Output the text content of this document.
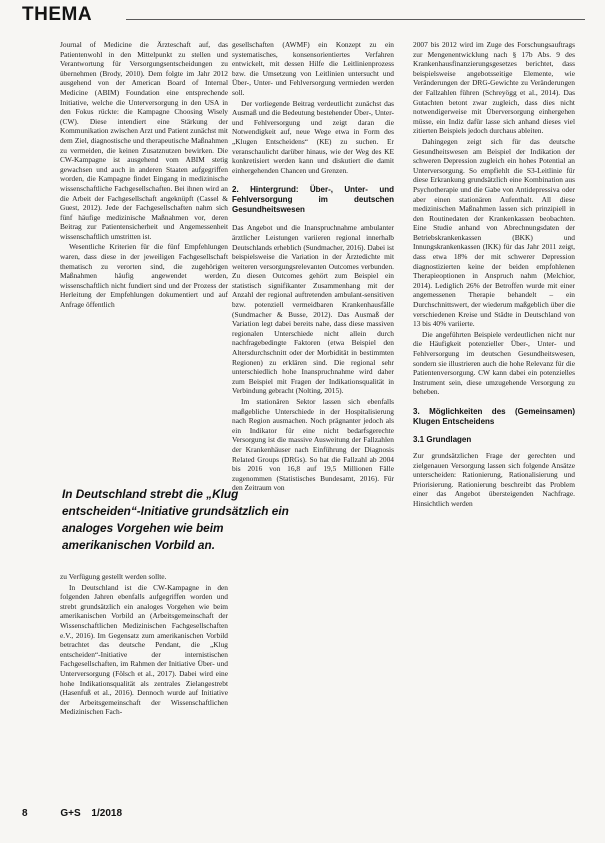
THEMA

Journal of Medicine die Ärzteschaft auf, das Patientenwohl in den Mittelpunkt zu stellen und Verantwortung für Versorgungsentscheidungen zu übernehmen (Brody, 2010). Dem folgte im Jahr 2012 ausgehend von der American Board of Internal Medicine (ABIM) Foundation eine entsprechende Initiative, welche die Unterversorgung in den USA in den Fokus rückte: die Kampagne Choosing Wisely (CW). Diese intendiert eine Stärkung der Kommunikation zwischen Arzt und Patient zunächst mit dem Ziel, diagnostische und therapeutische Maßnahmen zu vermeiden, die keinen Zusatznutzen bewirken. Die CW-Kampagne ist ausgehend vom ABIM stetig gewachsen und auch in anderen Staaten aufgegriffen worden, die Kampagne findet Eingang in medizinische wissenschaftliche Fachgesellschaften. Bei ihnen wird an die Arbeit der Fachgesellschaft angeknüpft (Cassel & Guest, 2012). Jede der Fachgesellschaften nahm sich fünf häufige medizinische Maßnahmen vor, deren Beitrag zur Patientensicherheit und Angemessenheit wissenschaftlich umstritten ist.

Wesentliche Kriterien für die fünf Empfehlungen waren, dass diese in der jeweiligen Fachgesellschaft thematisch zu verorten sind, die zugehörigen Maßnahmen häufig angewendet werden, wissenschaftlich nicht fundiert sind und der Prozess der Herleitung der Empfehlungen dokumentiert und auf Anfrage öffentlich

In Deutschland strebt die „Klug entscheiden“-Initiative grundsätzlich ein analoges Vorgehen wie beim amerikanischen Vorbild an.

zu Verfügung gestellt werden sollte.

In Deutschland ist die CW-Kampagne in den folgenden Jahren ebenfalls aufgegriffen worden und strebt grundsätzlich ein analoges Vorgehen wie beim amerikanischen Vorbild an (Arbeitsgemeinschaft der Wissenschaftlichen Medizinischen Fachgesellschaften e.V., 2016). Im Gegensatz zum amerikanischen Vorbild betrachtet das deutsche Pendant, die „Klug entscheiden“-Initiative der internistischen Fachgesellschaften, im Rahmen der Initiative Über- und Unterversorgung (Fölsch et al., 2017). Dabei wird eine hohe Indikationsqualität als zentrales Zielangestrebt (Hasenfuß et al., 2016). Dennoch wurde auf Initiative der Arbeitsgemeinschaft der Wissenschaftlichen Medizinischen Fach-

gesellschaften (AWMF) ein Konzept zu ein systematisches, konsensorientiertes Verfahren entwickelt, mit dessen Hilfe die Leitlinienprozess bzw. die Umsetzung von Leitlinien untersucht und Über-, Unter- und Fehlversorgung vermieden werden soll.

Der vorliegende Beitrag verdeutlicht zunächst das Ausmaß und die Bedeutung bestehender Über-, Unter- und Fehlversorgung und zeigt daran die Notwendigkeit auf, neue Wege etwa in Form des „Klugen Entscheidens“ (KE) zu suchen. Er veranschaulicht darüber hinaus, wie der Weg des KE konkretisiert werden kann und diskutiert die damit einhergehenden Chancen und Grenzen.

2. Hintergrund: Über-, Unter- und Fehlversorgung im deutschen Gesundheitswesen

Das Angebot und die Inanspruchnahme ambulanter ärztlicher Leistungen variieren regional innerhalb Deutschlands erheblich (Sundmacher, 2016). Dabei ist beispielsweise die Variation in der Ärztedichte mit weiteren versorgungsrelevanten Outcomes verbunden. Zu diesen Outcomes gehört zum Beispiel ein statistisch signifikanter Zusammenhang mit der Anzahl der regional auftretenden ambulant-sensitiven bzw. potenziell vermeidbaren Krankenhausfälle (Sundmacher & Busse, 2012). Das Ausmaß der Variation legt dabei bereits nahe, dass diese massiven regionalen Unterschiede nicht allein durch nachfragebedingte Faktoren (etwa Beispiel den Altersdurchschnitt oder der Morbidität in bestimmten Regionen) zu erklären sind. Die regional sehr unterschiedlich hohe Inanspruchnahme wird daher zum Beispiel mit Fragen der Indikationsqualität in Verbindung gebracht (Nolting, 2015).

Im stationären Sektor lassen sich ebenfalls maßgebliche Unterschiede in der Hospitalisierung nach Region ausmachen. Noch prägnanter jedoch als ein Indikator für eine nicht bedarfsgerechte Versorgung ist die massive Ausweitung der Fallzahlen der Krankenhäuser nach Einführung der Diagnosis Related Groups (DRGs). So hat die Fallzahl ab 2004 bis 2016 von 16,8 auf 19,5 Millionen Fälle zugenommen (Statistisches Bundesamt, 2016). Für den Zeitraum von

2007 bis 2012 wird im Zuge des Forschungsauftrags zur Mengenentwicklung nach § 17b Abs. 9 des Krankenhausfinanzierungsgesetzes berichtet, dass beispielsweise angebotsseitige Elemente, wie Veränderungen der DRG-Gewichte zu Veränderungen der Fallzahlen führen (Schreyögg et al., 2014). Das Gutachten betont zwar zugleich, dass dies nicht notwendigerweise mit Überversorgung einhergehen müsse, ein Indiz dafür lasse sich anhand dieses viel zitierten Beispiels jedoch durchaus ableiten.

Dahingegen zeigt sich für das deutsche Gesundheitswesen am Beispiel der Indikation der schweren Depression zugleich ein hohes Potential an Unterversorgung. So empfiehlt die S3-Leitlinie für diese Erkrankung grundsätzlich eine Kombination aus Psychotherapie und die Gabe von Antidepressiva oder aber einen stationären Aufenthalt. All diese medizinischen Maßnahmen lassen sich prinzipiell in den Routinedaten der Krankenkassen beobachten. Eine Studie anhand von Abrechnungsdaten der Betriebskrankenkassen (BKK) und Innungskrankenkassen (IKK) für das Jahr 2011 zeigt, dass etwa 18% der mit schwerer Depression diagnostizierten keine der beiden empfohlenen Therapieoptionen in Anspruch nahm (Melchior, 2014). Lediglich 26% der Betroffen wurde mit einer angemessenen Therapie behandelt – ein Durchschnittswert, der wiederum maßgeblich über die verschiedenen Kreise und Städte in Deutschland von 13 bis 40% variierte.

Die angeführten Beispiele verdeutlichen nicht nur die Häufigkeit potenzieller Über-, Unter- und Fehlversorgung im deutschen Gesundheitswesen, sondern sie illustrieren auch die hohe Relevanz für die Patientenversorgung. CW kann dabei ein potenzielles Instrument sein, diese umzugehende Versorgung zu beheben.

3. Möglichkeiten des (Gemeinsamen) Klugen Entscheidens
3.1 Grundlagen

Zur grundsätzlichen Frage der gerechten und zielgenauen Versorgung lassen sich folgende Ansätze unterscheiden: Rationierung, Rationalisierung und Priorisierung. Rationierung beschreibt das Problem einer das Angebot übersteigenden Nachfrage. Hinsichtlich werden

8	G+S 1/2018
